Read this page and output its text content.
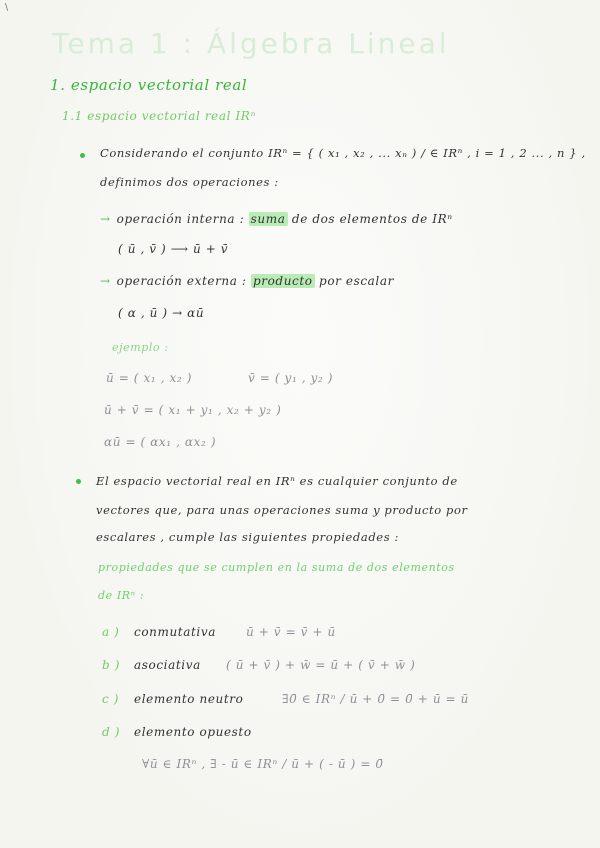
\
Tema 1 : Álgebra Lineal
1. espacio vectorial real
1.1 espacio vectorial real IRⁿ
Considerando el conjunto IRⁿ = { ( x₁ , x₂ , ... xₙ ) / ∈ IRⁿ , i = 1 , 2 ... , n } ,
definimos dos operaciones :
→ operación interna : suma de dos elementos de IRⁿ
( ū , v̄ ) ⟶ ū + v̄
→ operación externa : producto por escalar
( α , ū ) → αū
ejemplo :
ū = ( x₁ , x₂ )	v̄ = ( y₁ , y₂ )
ū + v̄ = ( x₁ + y₁ , x₂ + y₂ )
αū = ( αx₁ , αx₂ )
El espacio vectorial real en IRⁿ es cualquier conjunto de
vectores que, para unas operaciones suma y producto por
escalares , cumple las siguientes propiedades :
propiedades que se cumplen en la suma de dos elementos
de IRⁿ :
a ) conmutativa	ū + v̄ = v̄ + ū
b ) asociativa ( ū + v̄ ) + w̄ = ū + ( v̄ + w̄ )
c ) elemento neutro	∃0̄ ∈ IRⁿ / ū + 0̄ = 0̄ + ū = ū
d ) elemento opuesto
∀ū ∈ IRⁿ , ∃ - ū ∈ IRⁿ / ū + ( - ū ) = 0̄
